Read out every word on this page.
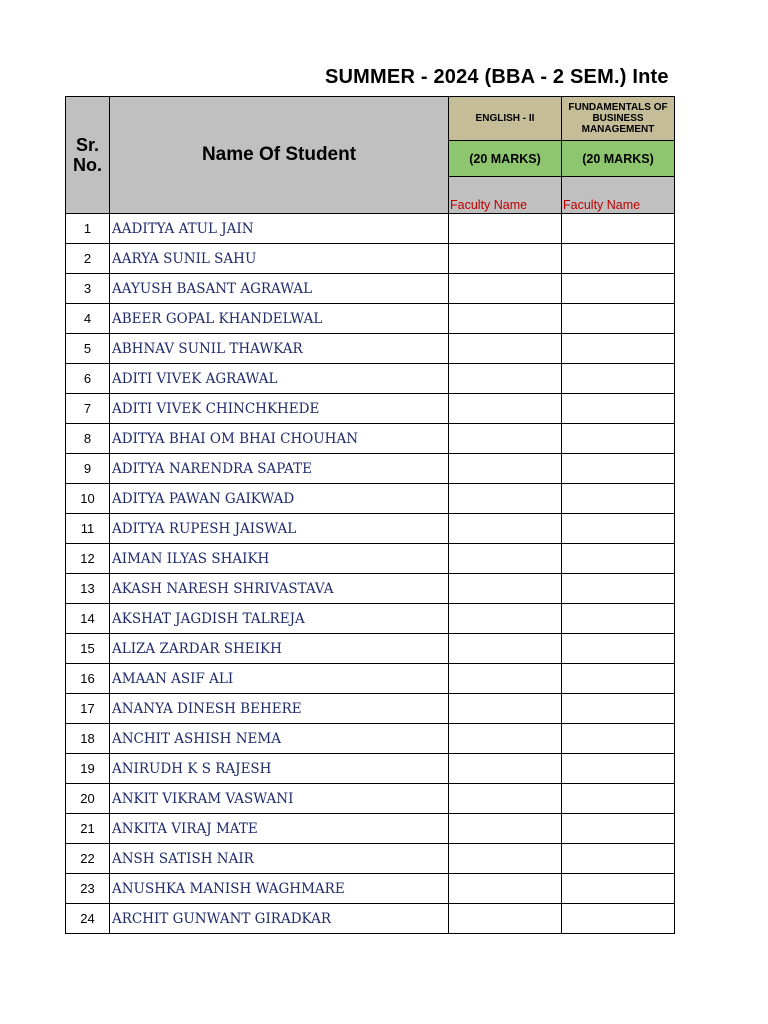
SUMMER - 2024 (BBA - 2 SEM.) Inte
Sr.
No.	Name Of Student	ENGLISH - II	FUNDAMENTALS OF BUSINESS MANAGEMENT
		(20 MARKS)	(20 MARKS)
		Faculty Name	Faculty Name
1	AADITYA ATUL JAIN		
2	AARYA SUNIL SAHU		
3	AAYUSH BASANT AGRAWAL		
4	ABEER GOPAL KHANDELWAL		
5	ABHNAV SUNIL THAWKAR		
6	ADITI VIVEK AGRAWAL		
7	ADITI VIVEK CHINCHKHEDE		
8	ADITYA BHAI OM BHAI CHOUHAN		
9	ADITYA NARENDRA SAPATE		
10	ADITYA PAWAN GAIKWAD		
11	ADITYA RUPESH JAISWAL		
12	AIMAN ILYAS SHAIKH		
13	AKASH NARESH SHRIVASTAVA		
14	AKSHAT JAGDISH TALREJA		
15	ALIZA ZARDAR SHEIKH		
16	AMAAN ASIF ALI		
17	ANANYA DINESH BEHERE		
18	ANCHIT ASHISH NEMA		
19	ANIRUDH K S RAJESH		
20	ANKIT VIKRAM VASWANI		
21	ANKITA VIRAJ MATE		
22	ANSH SATISH NAIR		
23	ANUSHKA MANISH WAGHMARE		
24	ARCHIT GUNWANT GIRADKAR		
